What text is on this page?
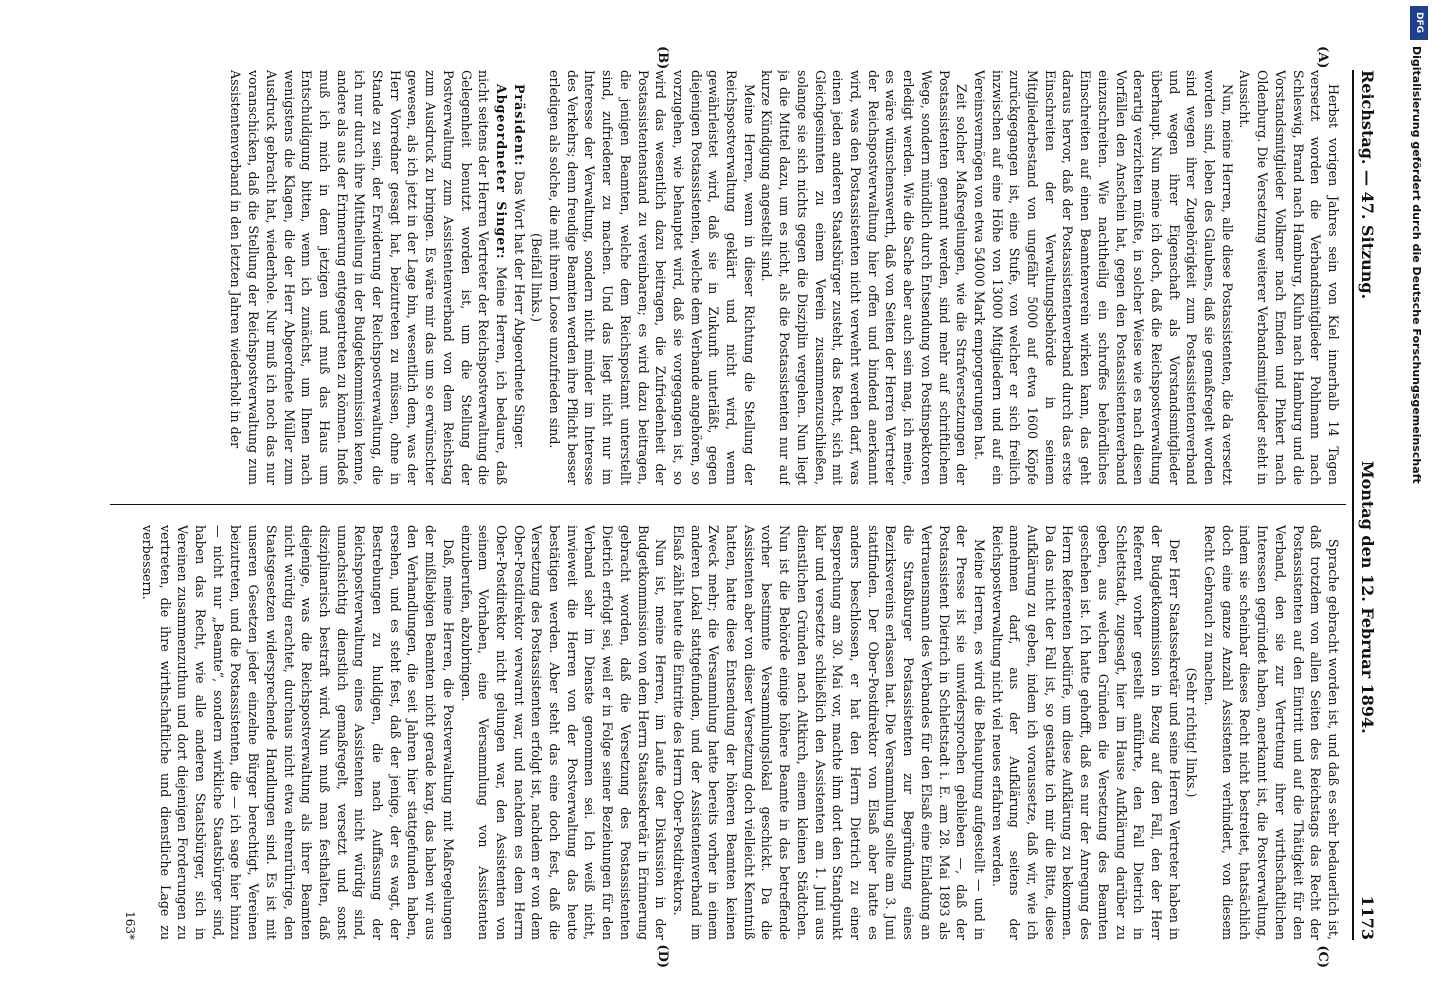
DFG
Digitalisierung gefördert durch die Deutsche Forschungsgemeinschaft
Reichstag. — 47. Sitzung.
Montag den 12. Februar 1894.
1173
(A)
(B)
(C)
(D)

Herbst vorigen Jahres sein von Kiel innerhalb 14 Tagen versetzt worden die Verbandsmitglieder Pohlmann nach Schleswig, Brand nach Hamburg, Kluhn nach Hamburg und die Vorstandsmitglieder Volkmer nach Emden und Pinkert nach Oldenburg. Die Versetzung weiterer Verbandsmitglieder steht in Aussicht.

Nun, meine Herren, alle diese Postassistenten, die da versetzt worden sind, leben des Glaubens, daß sie gemaßregelt worden sind wegen ihrer Zugehörigkeit zum Postassistentenverband und wegen ihrer Eigenschaft als Vorstandsmitglieder überhaupt. Nun meine ich doch, daß die Reichspostverwaltung derartig verzichten müßte, in solcher Weise wie es nach diesen Vorfällen den Anschein hat, gegen den Postassistentenverband einzuschreiten. Wie nachtheilig ein schroffes behördliches Einschreiten auf einen Beamtenverein wirken kann, das geht daraus hervor, daß der Postassistentenverband durch das erste Einschreiten der Verwaltungsbehörde in seinem Mitgliederbestand von ungefähr 5000 auf etwa 1600 Köpfe zurückgegangen ist, eine Stufe, von welcher er sich freilich inzwischen auf eine Höhe von 13000 Mitgliedern und auf ein Vereinsvermögen von etwa 54000 Mark emporgerungen hat.

Zeit solcher Maßregelungen, wie die Strafversetzungen der Postassistenten genannt werden, sind mehr auf schriftlichem Wege, sondern mündlich durch Entsendung von Postinspektoren erledigt werden. Wie die Sache aber auch sein mag, ich meine, es wäre wünschenswerth, daß von Seiten der Herren Vertreter der Reichspostverwaltung hier offen und bindend anerkannt wird, was den Postassistenten nicht verwehrt werden darf, was einen jeden anderen Staatsbürger zusteht, das Recht, sich mit Gleichgesinnten zu einem Verein zusammenzuschließen, solange sie sich nichts gegen die Disziplin vergehen. Nun liegt ja die Mittel dazu, um es nicht, als die Postassistenten nur auf kurze Kündigung angestellt sind.

Meine Herren, wenn in dieser Richtung die Stellung der Reichspostverwaltung geklärt und nicht wird, wenn gewährleistet wird, daß sie in Zukunft unterläßt, gegen diejenigen Postassistenten, welche dem Verbande angehören, so vorzugehen, wie behauptet wird, daß sie vorgegangen ist, so wird das wesentlich dazu beitragen, die Zufriedenheit der Postassistentenstand zu vereinbaren; es wird dazu beitragen, die jenigen Beamten, welche dem Reichspostamt unterstellt sind, zufriedener zu machen. Und das liegt nicht nur im Interesse der Verwaltung, sondern nicht minder im Interesse des Verkehrs; denn freudige Beamten werden ihre Pflicht besser erledigen als solche, die mit ihrem Loose unzufrieden sind.

(Beifall links.)

Präsident: Das Wort hat der Herr Abgeordnete Singer.

Abgeordneter Singer: Meine Herren, ich bedaure, daß nicht seitens der Herren Vertreter der Reichspostverwaltung die Gelegenheit benutzt worden ist, um die Stellung der Postverwaltung zum Assistentenverband von dem Reichstag zum Ausdruck zu bringen. Es wäre mir das um so erwünschter gewesen, als ich jetzt in der Lage bin, wesentlich dem, was der Herr Vorredner gesagt hat, beizutreten zu müssen, ohne in Stande zu sein, der Erwiderung der Reichspostverwaltung, die ich nur durch ihre Mittheilung in der Budgetkommission kenne, andere als aus der Erinnerung entgegentreten zu können. Indeß muß ich mich in dem jetzigen und muß das Haus um Entschuldigung bitten, wenn ich zunächst, um Ihnen nach wenigstens die Klagen, die der Herr Abgeordnete Müller zum Ausdruck gebracht hat, wiederhole. Nur muß ich noch das nur voranschicken, daß die Stellung der Reichspostverwaltung zum Assistentenverband in den letzten Jahren wiederholt in der

Sprache gebracht worden ist, und daß es sehr bedauerlich ist, daß trotzdem von allen Seiten des Reichstags das Recht der Postassistenten auf den Eintritt und auf die Thätigkeit für den Verband, den sie zur Vertretung ihrer wirthschaftlichen Interessen gegründet haben, anerkannt ist, die Postverwaltung, indem sie scheinbar dieses Recht nicht bestreitet, thatsächlich doch eine ganze Anzahl Assistenten verhindert, von diesem Recht Gebrauch zu machen.

(Sehr richtig! links.)

Der Herr Staatssekretär und seine Herren Vertreter haben in der Budgetkommission in Bezug auf den Fall, den der Herr Referent vorher gestellt anführte, den Fall Dietrich in Schlettstadt, zugesagt, hier im Hause Aufklärung darüber zu geben, aus welchen Gründen die Versetzung des Beamten geschehen ist. Ich hatte gehofft, daß es nur der Anregung des Herrn Referenten bedürfe, um diese Aufklärung zu bekommen. Da das nicht der Fall ist, so gestatte ich mir die Bitte, diese Aufklärung zu geben, indem ich voraussetze, daß wir, wie ich annehmen darf, aus der Aufklärung seitens der Reichspostverwaltung nicht viel neues erfahren werden.

Meine Herren, es wird die Behauptung aufgestellt — und in der Presse ist sie unwidersprochen geblieben —, daß der Postassistent Dietrich in Schlettstadt i. E. am 28. Mai 1893 als Vertrauensmann des Verbandes für den Elsaß eine Einladung an die Straßburger Postassistenten zur Begründung eines Bezirksvereins erlassen hat. Die Versammlung sollte am 3. Juni stattfinden. Der Ober-Postdirektor von Elsaß aber hatte es anders beschlossen, er hat den Herrn Dietrich zu einer Besprechung am 30. Mai vor, machte ihm dort den Standpunkt klar und versetzte schließlich den Assistenten am 1. Juni aus dienstlichen Gründen nach Altkirch, einem kleinen Städtchen. Nun ist die Behörde einige höhere Beamte in das betreffende vorher bestimmte Versammlungslokal geschickt. Da die Assistenten aber von dieser Versetzung doch vielleicht Kenntniß hatten, hatte diese Entsendung der höheren Beamten keinen Zweck mehr; die Versammlung hatte bereits vorher in einem anderen Lokal stattgefunden, und der Assistentenverband im Elsaß zählt heute die Eintritte des Herrn Ober-Postdirektors.

Nun ist, meine Herren, im Laufe der Diskussion in der Budgetkommission von dem Herrn Staatssekretär in Erinnerung gebracht worden, daß die Versetzung des Postassistenten Dietrich erfolgt sei, weil er in Folge seiner Beziehungen für den Verband sehr im Dienste genommen sei. Ich weiß nicht, inwieweit die Herren von der Postverwaltung das heute bestätigen werden. Aber steht das eine doch fest, daß die Versetzung des Postassistenten erfolgt ist, nachdem er von dem Ober-Postdirektor verwarnt war, und nachdem es dem Herrn Ober-Postdirektor nicht gelungen war, den Assistenten von seinem Vorhaben, eine Versammlung von Assistenten einzuberufen, abzubringen.

Daß, meine Herren, die Postverwaltung mit Maßregelungen der mißliebigen Beamten nicht gerade karg, das haben wir aus den Verhandlungen, die seit Jahren hier stattgefunden haben, ersehen, und es steht fest, daß der jenige, der es wagt, der Bestrebungen zu huldigen, die nach Auffassung der Reichspostverwaltung eines Assistenten nicht würdig sind, unnachsichtig dienstlich gemaßregelt, versetzt und sonst disziplinarisch bestraft wird. Nun muß man festhalten, daß diejenige, was die Reichspostverwaltung als ihrer Beamten nicht würdig erachtet, durchaus nicht etwa ehrenrührige, den Staatsgesetzen widersprechende Handlungen sind. Es ist mit unseren Gesetzen jeder einzelne Bürger berechtigt, Vereinen beizutreten, und die Postassistenten, die — ich sage hier hinzu — nicht nur „Beamte“, sondern wirkliche Staatsbürger sind, haben das Recht, wie alle anderen Staatsbürger, sich in Vereinen zusammenzuthun und dort diejenigen Forderungen zu vertreten, die ihre wirthschaftliche und dienstliche Lage zu verbessern.

163*
